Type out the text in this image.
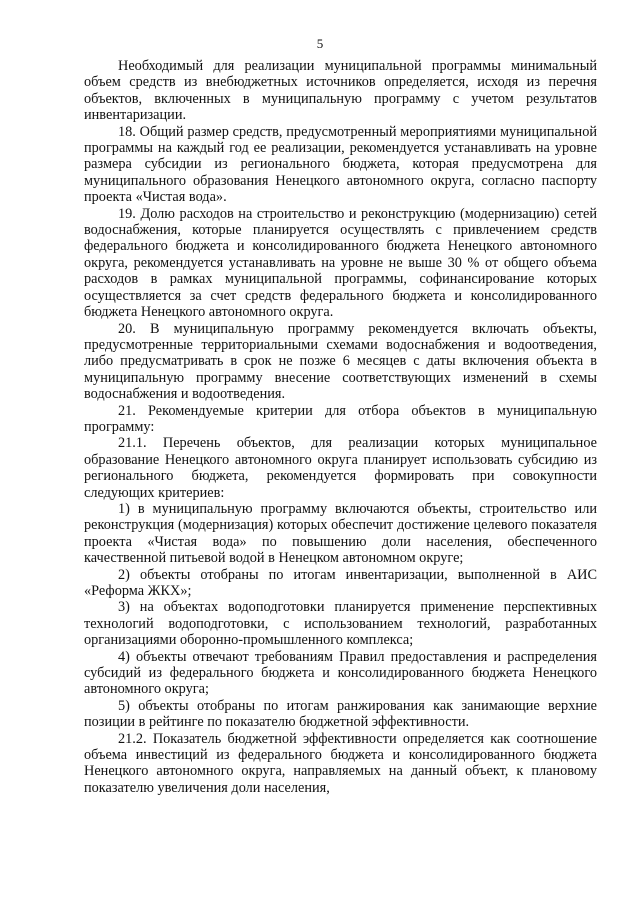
5

Необходимый для реализации муниципальной программы минимальный объем средств из внебюджетных источников определяется, исходя из перечня объектов, включенных в муниципальную программу с учетом результатов инвентаризации.

18. Общий размер средств, предусмотренный мероприятиями муниципальной программы на каждый год ее реализации, рекомендуется устанавливать на уровне размера субсидии из регионального бюджета, которая предусмотрена для муниципального образования Ненецкого автономного округа, согласно паспорту проекта «Чистая вода».

19. Долю расходов на строительство и реконструкцию (модернизацию) сетей водоснабжения, которые планируется осуществлять с привлечением средств федерального бюджета и консолидированного бюджета Ненецкого автономного округа, рекомендуется устанавливать на уровне не выше 30 % от общего объема расходов в рамках муниципальной программы, софинансирование которых осуществляется за счет средств федерального бюджета и консолидированного бюджета Ненецкого автономного округа.

20. В муниципальную программу рекомендуется включать объекты, предусмотренные территориальными схемами водоснабжения и водоотведения, либо предусматривать в срок не позже 6 месяцев с даты включения объекта в муниципальную программу внесение соответствующих изменений в схемы водоснабжения и водоотведения.

21. Рекомендуемые критерии для отбора объектов в муниципальную программу:

21.1. Перечень объектов, для реализации которых муниципальное образование Ненецкого автономного округа планирует использовать субсидию из регионального бюджета, рекомендуется формировать при совокупности следующих критериев:

1) в муниципальную программу включаются объекты, строительство или реконструкция (модернизация) которых обеспечит достижение целевого показателя проекта «Чистая вода» по повышению доли населения, обеспеченного качественной питьевой водой в Ненецком автономном округе;

2) объекты отобраны по итогам инвентаризации, выполненной в АИС «Реформа ЖКХ»;

3) на объектах водоподготовки планируется применение перспективных технологий водоподготовки, с использованием технологий, разработанных организациями оборонно-промышленного комплекса;

4) объекты отвечают требованиям Правил предоставления и распределения субсидий из федерального бюджета и консолидированного бюджета Ненецкого автономного округа;

5) объекты отобраны по итогам ранжирования как занимающие верхние позиции в рейтинге по показателю бюджетной эффективности.

21.2. Показатель бюджетной эффективности определяется как соотношение объема инвестиций из федерального бюджета и консолидированного бюджета Ненецкого автономного округа, направляемых на данный объект, к плановому показателю увеличения доли населения,
